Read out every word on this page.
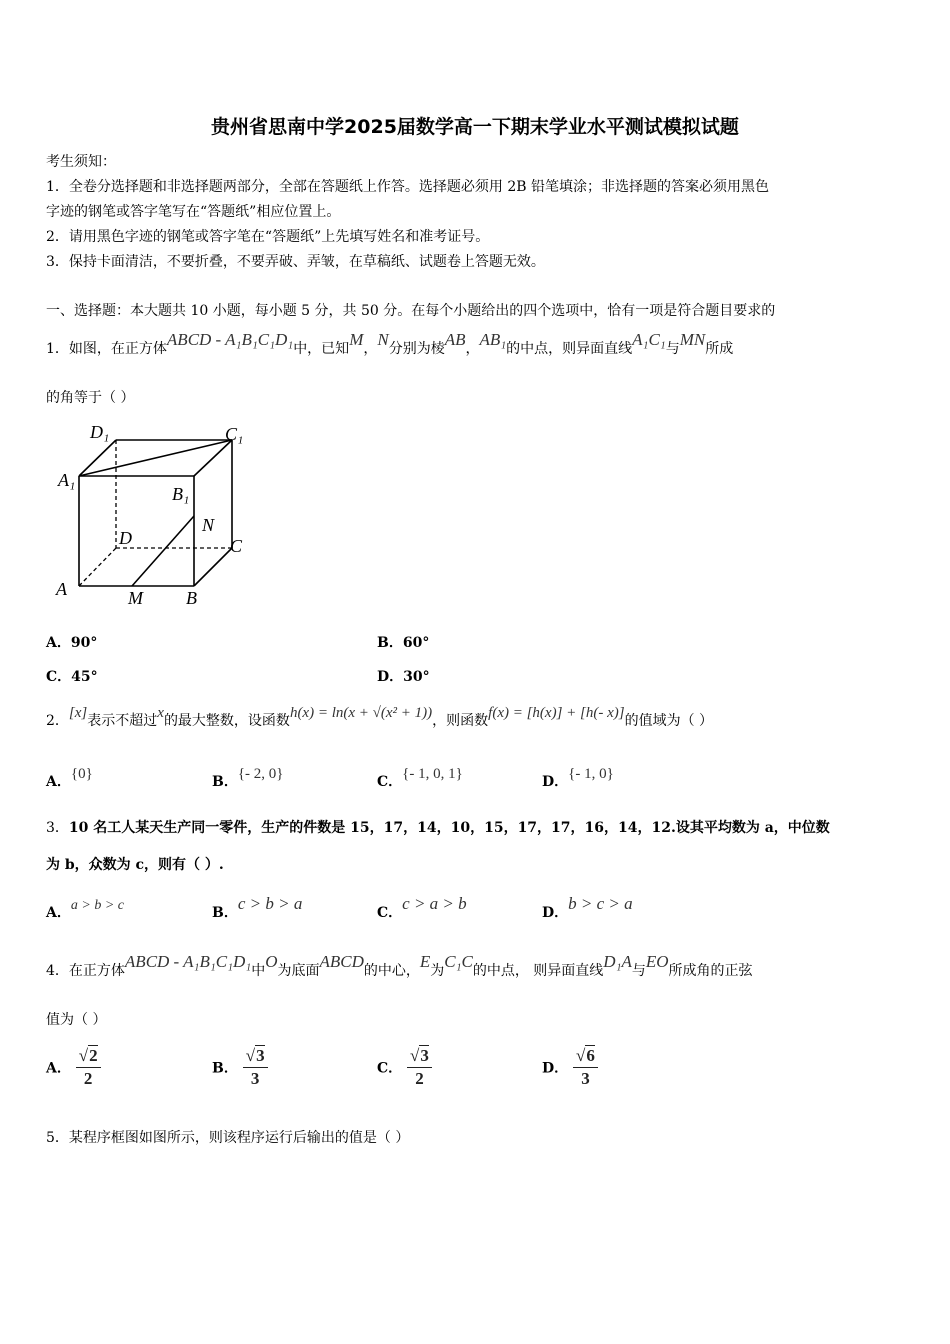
贵州省思南中学2025届数学高一下期末学业水平测试模拟试题
考生须知：
1．全卷分选择题和非选择题两部分，全部在答题纸上作答。选择题必须用 2B 铅笔填涂；非选择题的答案必须用黑色
字迹的钢笔或答字笔写在“答题纸”相应位置上。
2．请用黑色字迹的钢笔或答字笔在“答题纸”上先填写姓名和准考证号。
3．保持卡面清洁，不要折叠，不要弄破、弄皱，在草稿纸、试题卷上答题无效。
一、选择题：本大题共 10 小题，每小题 5 分，共 50 分。在每个小题给出的四个选项中，恰有一项是符合题目要求的
1．如图，在正方体ABCD - A₁B₁C₁D₁中，已知M，N分别为棱AB，AB₁的中点，则异面直线A₁C₁与MN所成
的角等于（ ）
D₁	C₁
A₁
B₁
N
D	C
A	M B
A．90°	B．60°
C．45°	D．30°
2．[x]表示不超过x的最大整数，设函数h(x) = ln(x + √(x² + 1))，则函数f(x) = [h(x)] + [h(- x)]的值域为（ ）
A．{0}	B．{- 2, 0}	C．{- 1, 0, 1}	D．{- 1, 0}
3．10 名工人某天生产同一零件，生产的件数是 15，17，14，10，15，17，17，16，14，12.设其平均数为 a，中位数
为 b，众数为 c，则有（ ）.
A．a > b > c	B．c > b > a	C．c > a > b	D．b > c > a
4．在正方体ABCD - A₁B₁C₁D₁中O为底面ABCD的中心，E为C₁C的中点， 则异面直线D₁A与EO所成角的正弦
值为（ ）
A． $\frac{√2}{2}$	B． $\frac{√3}{3}$	C． $\frac{√3}{2}$	D． $\frac{√6}{3}$
5．某程序框图如图所示，则该程序运行后输出的值是（ ）
